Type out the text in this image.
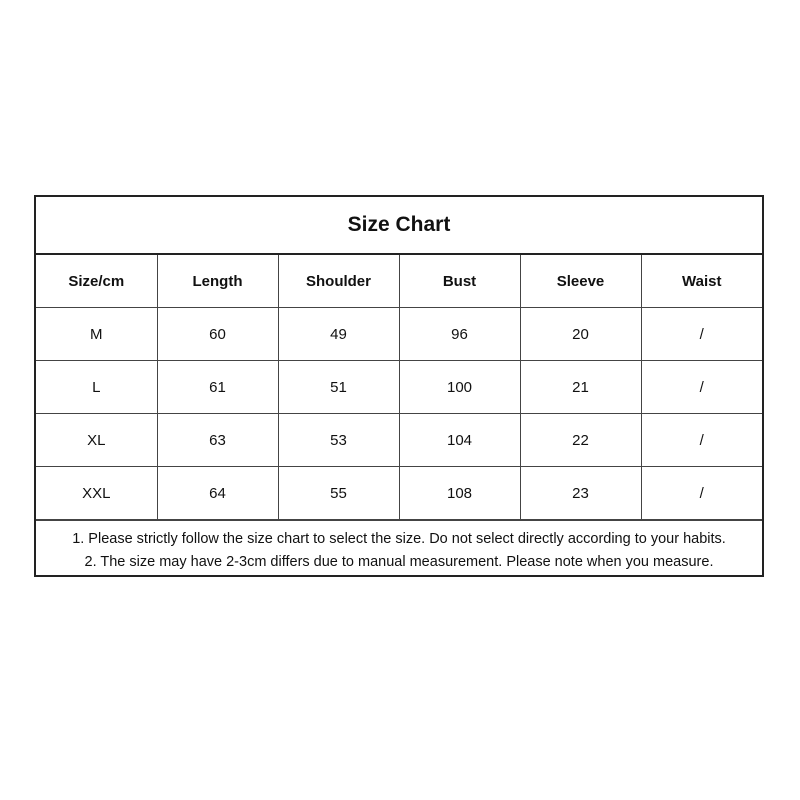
Size Chart
Size/cm	Length	Shoulder	Bust	Sleeve	Waist
M	60	49	96	20	/
L	61	51	100	21	/
XL	63	53	104	22	/
XXL	64	55	108	23	/
1. Please strictly follow the size chart to select the size. Do not select directly according to your habits.
2. The size may have 2-3cm differs due to manual measurement. Please note when you measure.
